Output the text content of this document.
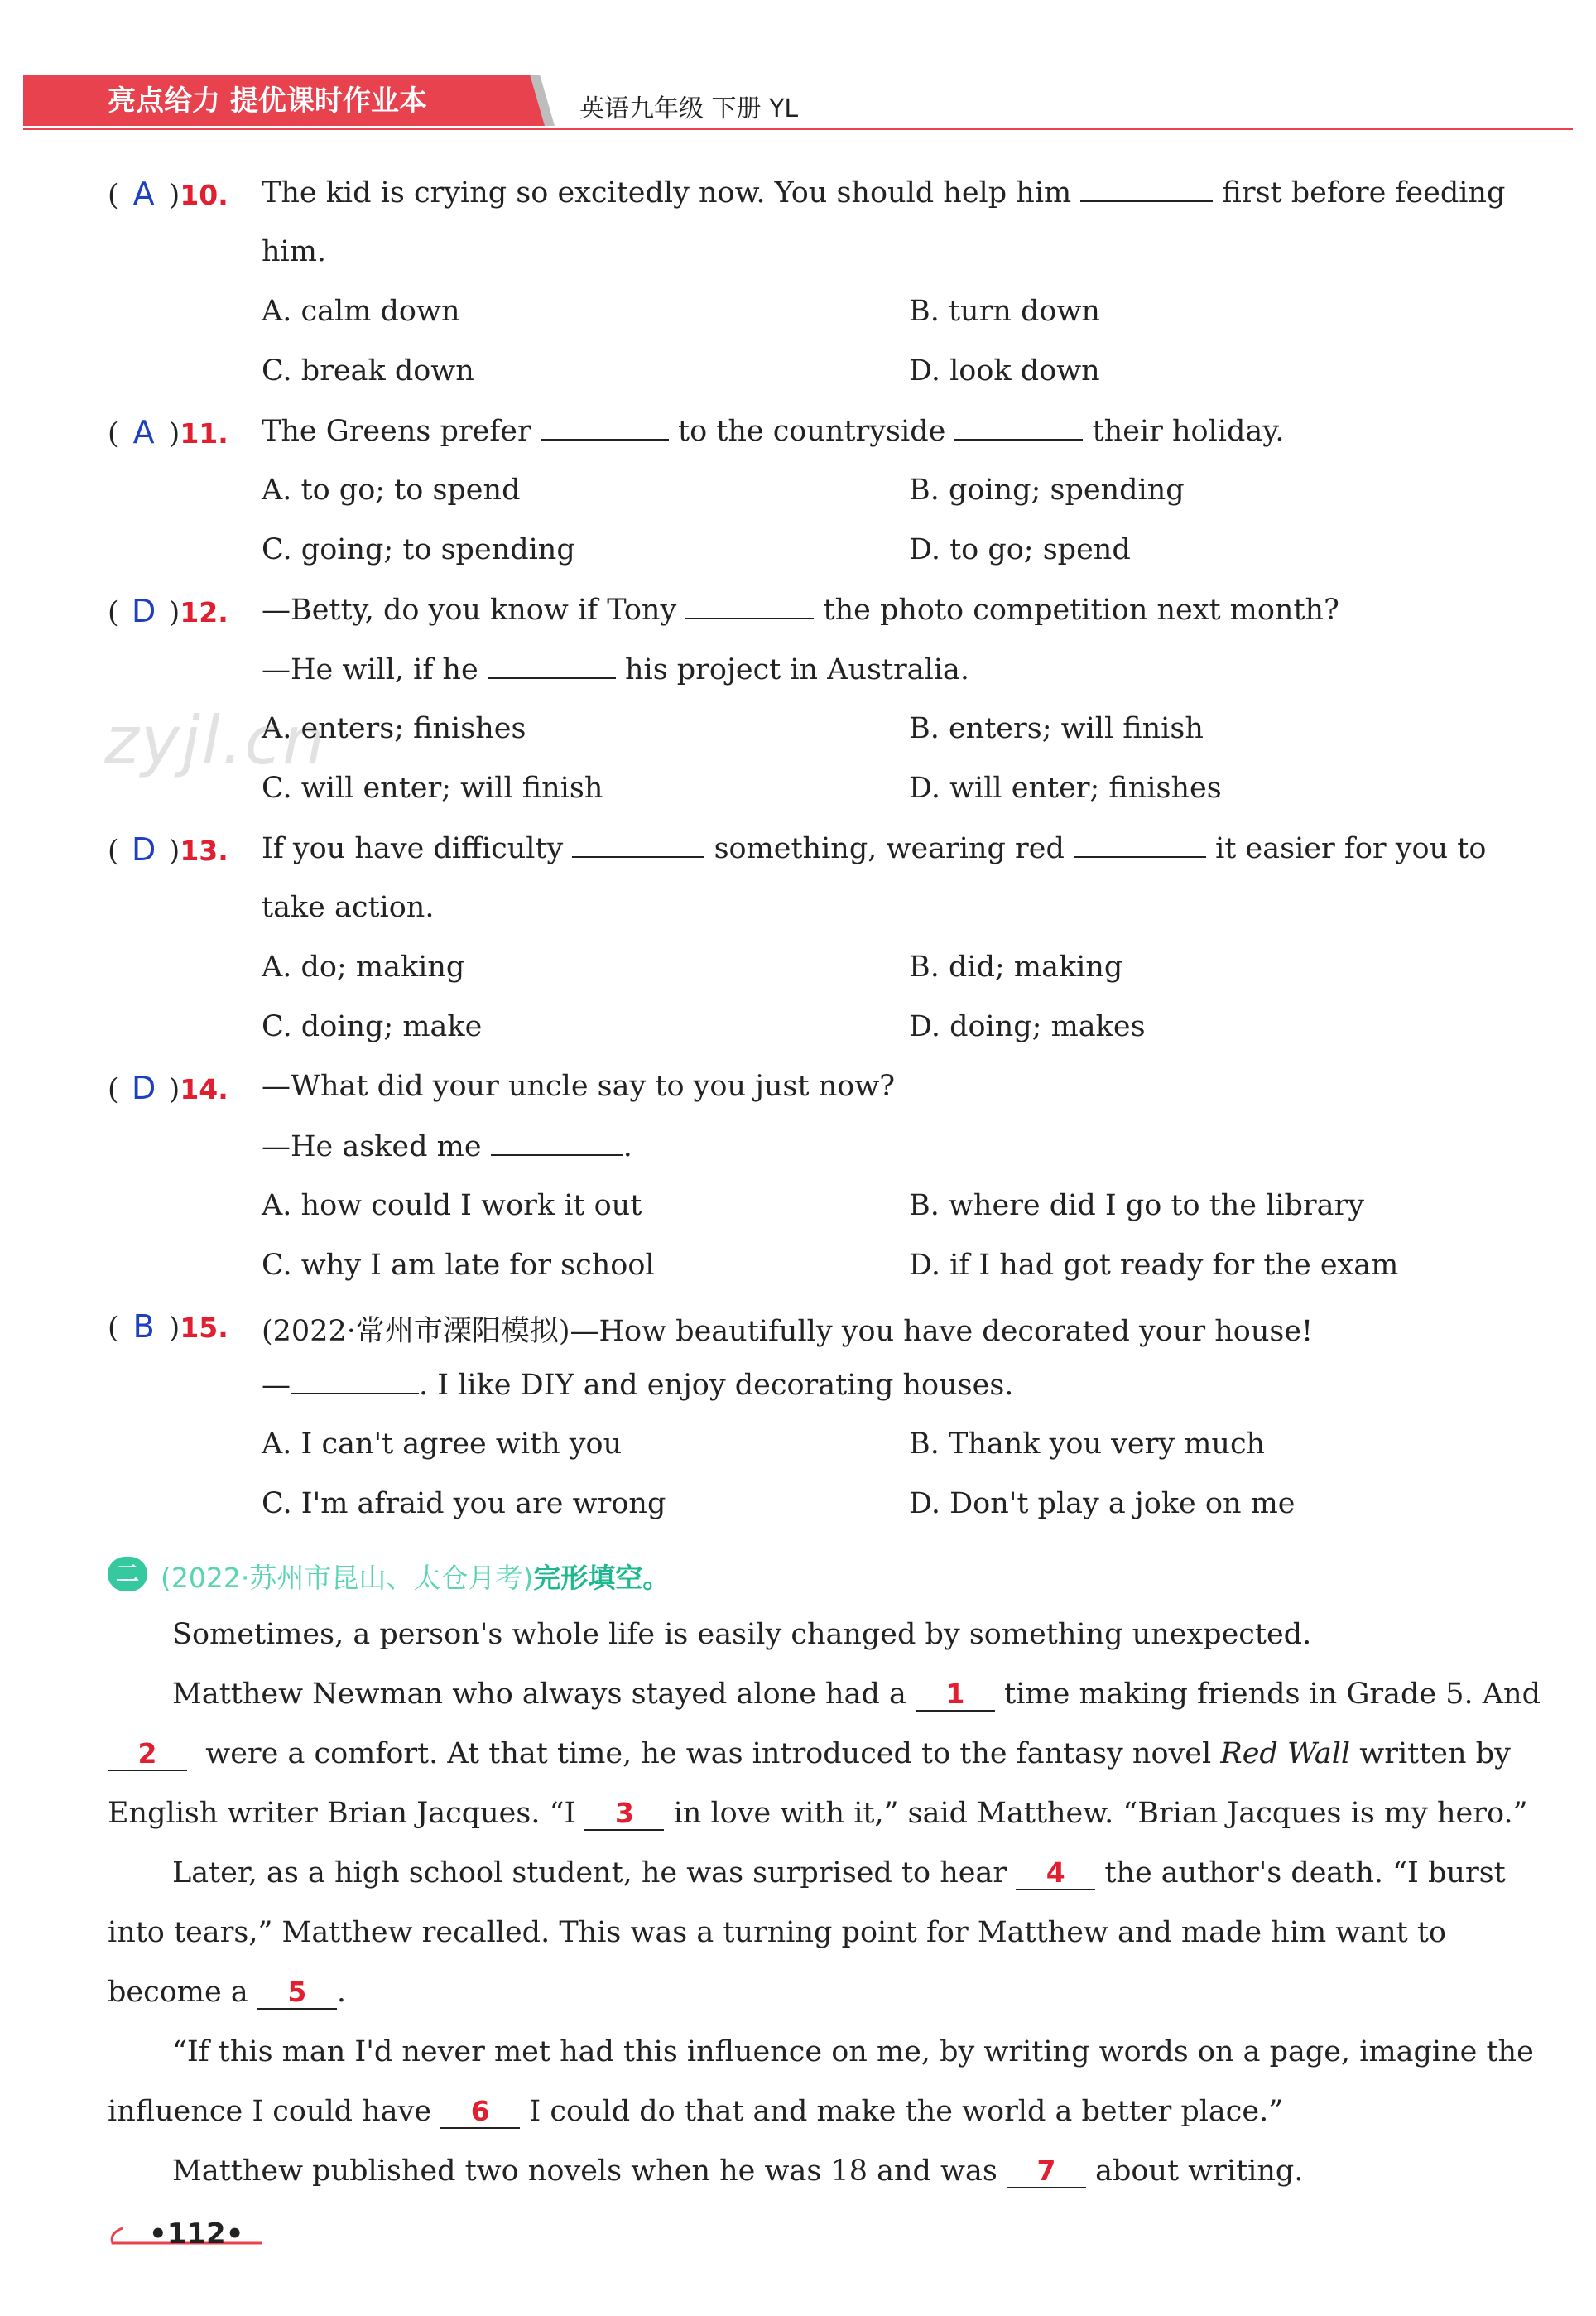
亮点给力 提优课时作业本	英语九年级 下册 YL
zyjl.cn
( A )10. The kid is crying so excitedly now. You should help him	first before feeding
him.
A. calm down	B. turn down
C. break down	D. look down
( A )11. The Greens prefer	to the countryside	their holiday.
A. to go; to spend	B. going; spending
C. going; to spending	D. to go; spend
( D )12. —Betty, do you know if Tony	the photo competition next month?
—He will, if he	his project in Australia.
A. enters; finishes	B. enters; will finish
C. will enter; will finish	D. will enter; finishes
( D )13. If you have difficulty	something, wearing red	it easier for you to
take action.
A. do; making	B. did; making
C. doing; make	D. doing; makes
( D )14. —What did your uncle say to you just now?
—He asked me	.
A. how could I work it out	B. where did I go to the library
C. why I am late for school	D. if I had got ready for the exam
( B )15. (2022·常州市溧阳模拟)—How beautifully you have decorated your house!
—	. I like DIY and enjoy decorating houses.
A. I can't agree with you	B. Thank you very much
C. I'm afraid you are wrong	D. Don't play a joke on me
二 (2022·苏州市昆山、太仓月考)完形填空。
Sometimes, a person's whole life is easily changed by something unexpected.
Matthew Newman who always stayed alone had a 1 time making friends in Grade 5. And
2 were a comfort. At that time, he was introduced to the fantasy novel Red Wall written by
English writer Brian Jacques. “I 3 in love with it,” said Matthew. “Brian Jacques is my hero.”
Later, as a high school student, he was surprised to hear 4 the author's death. “I burst
into tears,” Matthew recalled. This was a turning point for Matthew and made him want to
become a 5 .
“If this man I'd never met had this influence on me, by writing words on a page, imagine the
influence I could have 6 I could do that and make the world a better place.”
Matthew published two novels when he was 18 and was 7 about writing.
•112•
